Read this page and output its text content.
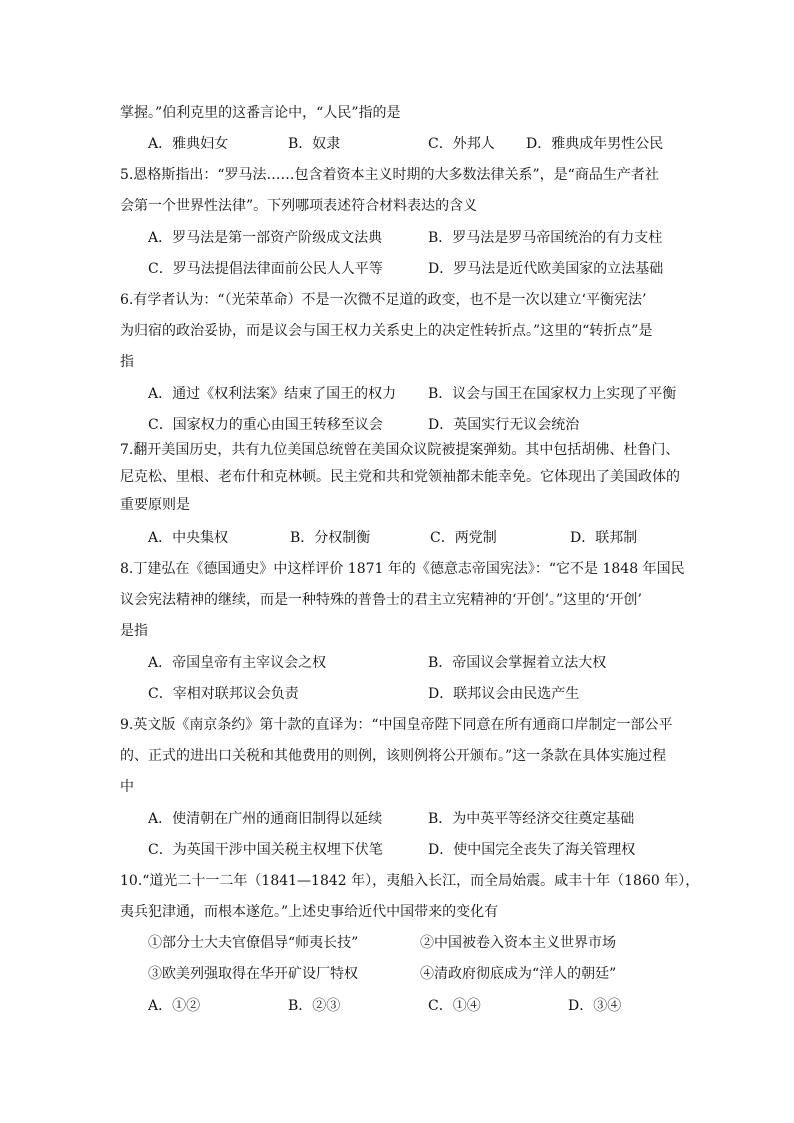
掌握。”伯利克里的这番言论中，“人民”指的是
A．雅典妇女	B．奴隶	C．外邦人 D．雅典成年男性公民
5.恩格斯指出：“罗马法……包含着资本主义时期的大多数法律关系”，是“商品生产者社
会第一个世界性法律”。下列哪项表述符合材料表达的含义
A．罗马法是第一部资产阶级成文法典	B．罗马法是罗马帝国统治的有力支柱
C．罗马法提倡法律面前公民人人平等	D．罗马法是近代欧美国家的立法基础
6.有学者认为：“（光荣革命）不是一次微不足道的政变，也不是一次以建立‘平衡宪法’
为归宿的政治妥协，而是议会与国王权力关系史上的决定性转折点。”这里的“转折点”是
指
A．通过《权利法案》结束了国王的权力 B．议会与国王在国家权力上实现了平衡
C．国家权力的重心由国王转移至议会	D．英国实行无议会统治
7.翻开美国历史，共有九位美国总统曾在美国众议院被提案弹劾。其中包括胡佛、杜鲁门、
尼克松、里根、老布什和克林顿。民主党和共和党领袖都未能幸免。它体现出了美国政体的
重要原则是
A．中央集权	B．分权制衡	C．两党制	D．联邦制
8.丁建弘在《德国通史》中这样评价 1871 年的《德意志帝国宪法》：“它不是 1848 年国民
议会宪法精神的继续，而是一种特殊的普鲁士的君主立宪精神的‘开创’。”这里的‘开创’
是指
A．帝国皇帝有主宰议会之权	B．帝国议会掌握着立法大权
C．宰相对联邦议会负责	D．联邦议会由民选产生
9.英文版《南京条约》第十款的直译为：“中国皇帝陛下同意在所有通商口岸制定一部公平
的、正式的进出口关税和其他费用的则例，该则例将公开颁布。”这一条款在具体实施过程
中
A．使清朝在广州的通商旧制得以延续	B．为中英平等经济交往奠定基础
C．为英国干涉中国关税主权埋下伏笔	D．使中国完全丧失了海关管理权
10.“道光二十一二年（1841—1842 年），夷船入长江，而全局始震。咸丰十年（1860 年），
夷兵犯津通，而根本遂危。”上述史事给近代中国带来的变化有
①部分士大夫官僚倡导“师夷长技”	②中国被卷入资本主义世界市场
③欧美列强取得在华开矿设厂特权	④清政府彻底成为“洋人的朝廷”
A．①②	B．②③	C．①④	D．③④
